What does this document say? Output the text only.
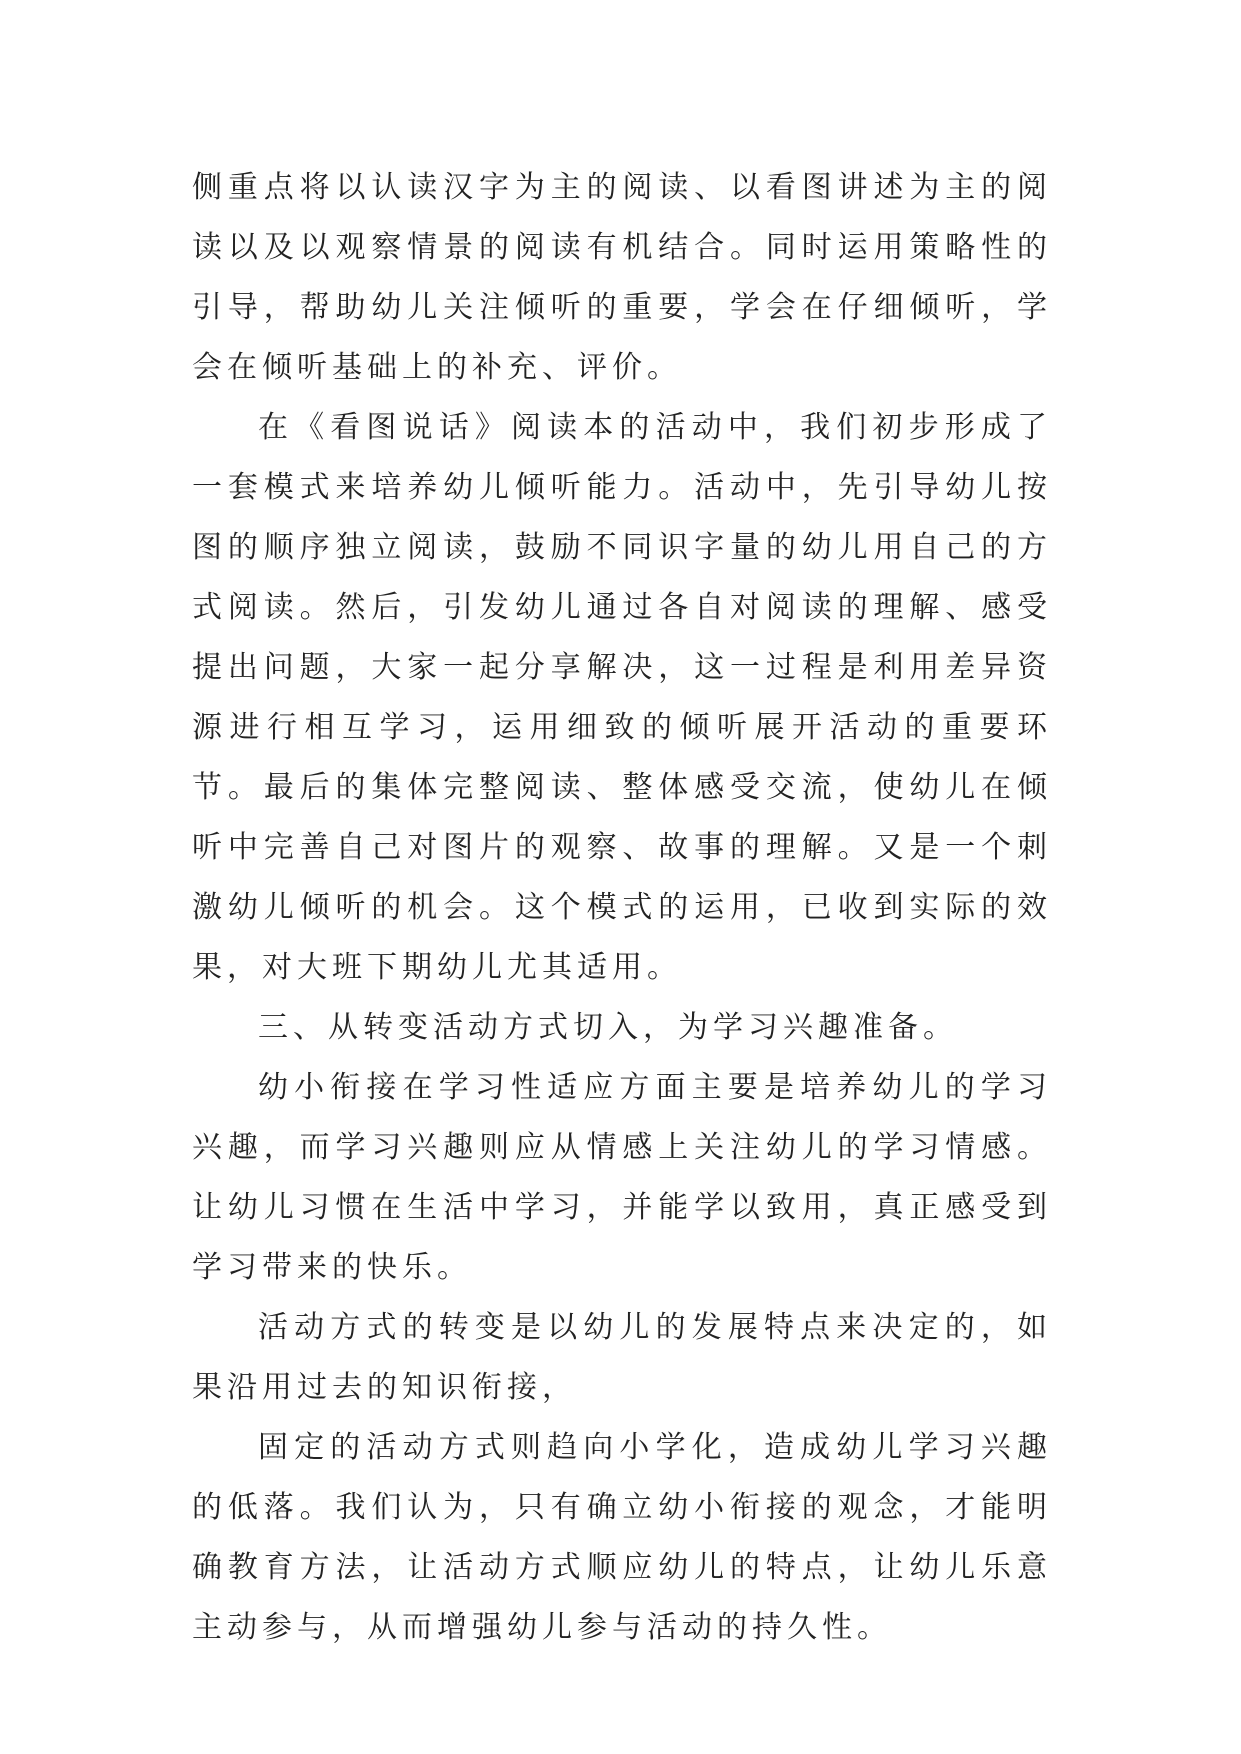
侧重点将以认读汉字为主的阅读、以看图讲述为主的阅读以及以观察情景的阅读有机结合。同时运用策略性的引导，帮助幼儿关注倾听的重要，学会在仔细倾听，学会在倾听基础上的补充、评价。

在《看图说话》阅读本的活动中，我们初步形成了一套模式来培养幼儿倾听能力。活动中，先引导幼儿按图的顺序独立阅读，鼓励不同识字量的幼儿用自己的方式阅读。然后，引发幼儿通过各自对阅读的理解、感受提出问题，大家一起分享解决，这一过程是利用差异资源进行相互学习，运用细致的倾听展开活动的重要环节。最后的集体完整阅读、整体感受交流，使幼儿在倾听中完善自己对图片的观察、故事的理解。又是一个刺激幼儿倾听的机会。这个模式的运用，已收到实际的效果，对大班下期幼儿尤其适用。

三、从转变活动方式切入，为学习兴趣准备。

幼小衔接在学习性适应方面主要是培养幼儿的学习兴趣，而学习兴趣则应从情感上关注幼儿的学习情感。让幼儿习惯在生活中学习，并能学以致用，真正感受到学习带来的快乐。

活动方式的转变是以幼儿的发展特点来决定的，如果沿用过去的知识衔接，

固定的活动方式则趋向小学化，造成幼儿学习兴趣的低落。我们认为，只有确立幼小衔接的观念，才能明确教育方法，让活动方式顺应幼儿的特点，让幼儿乐意主动参与，从而增强幼儿参与活动的持久性。
